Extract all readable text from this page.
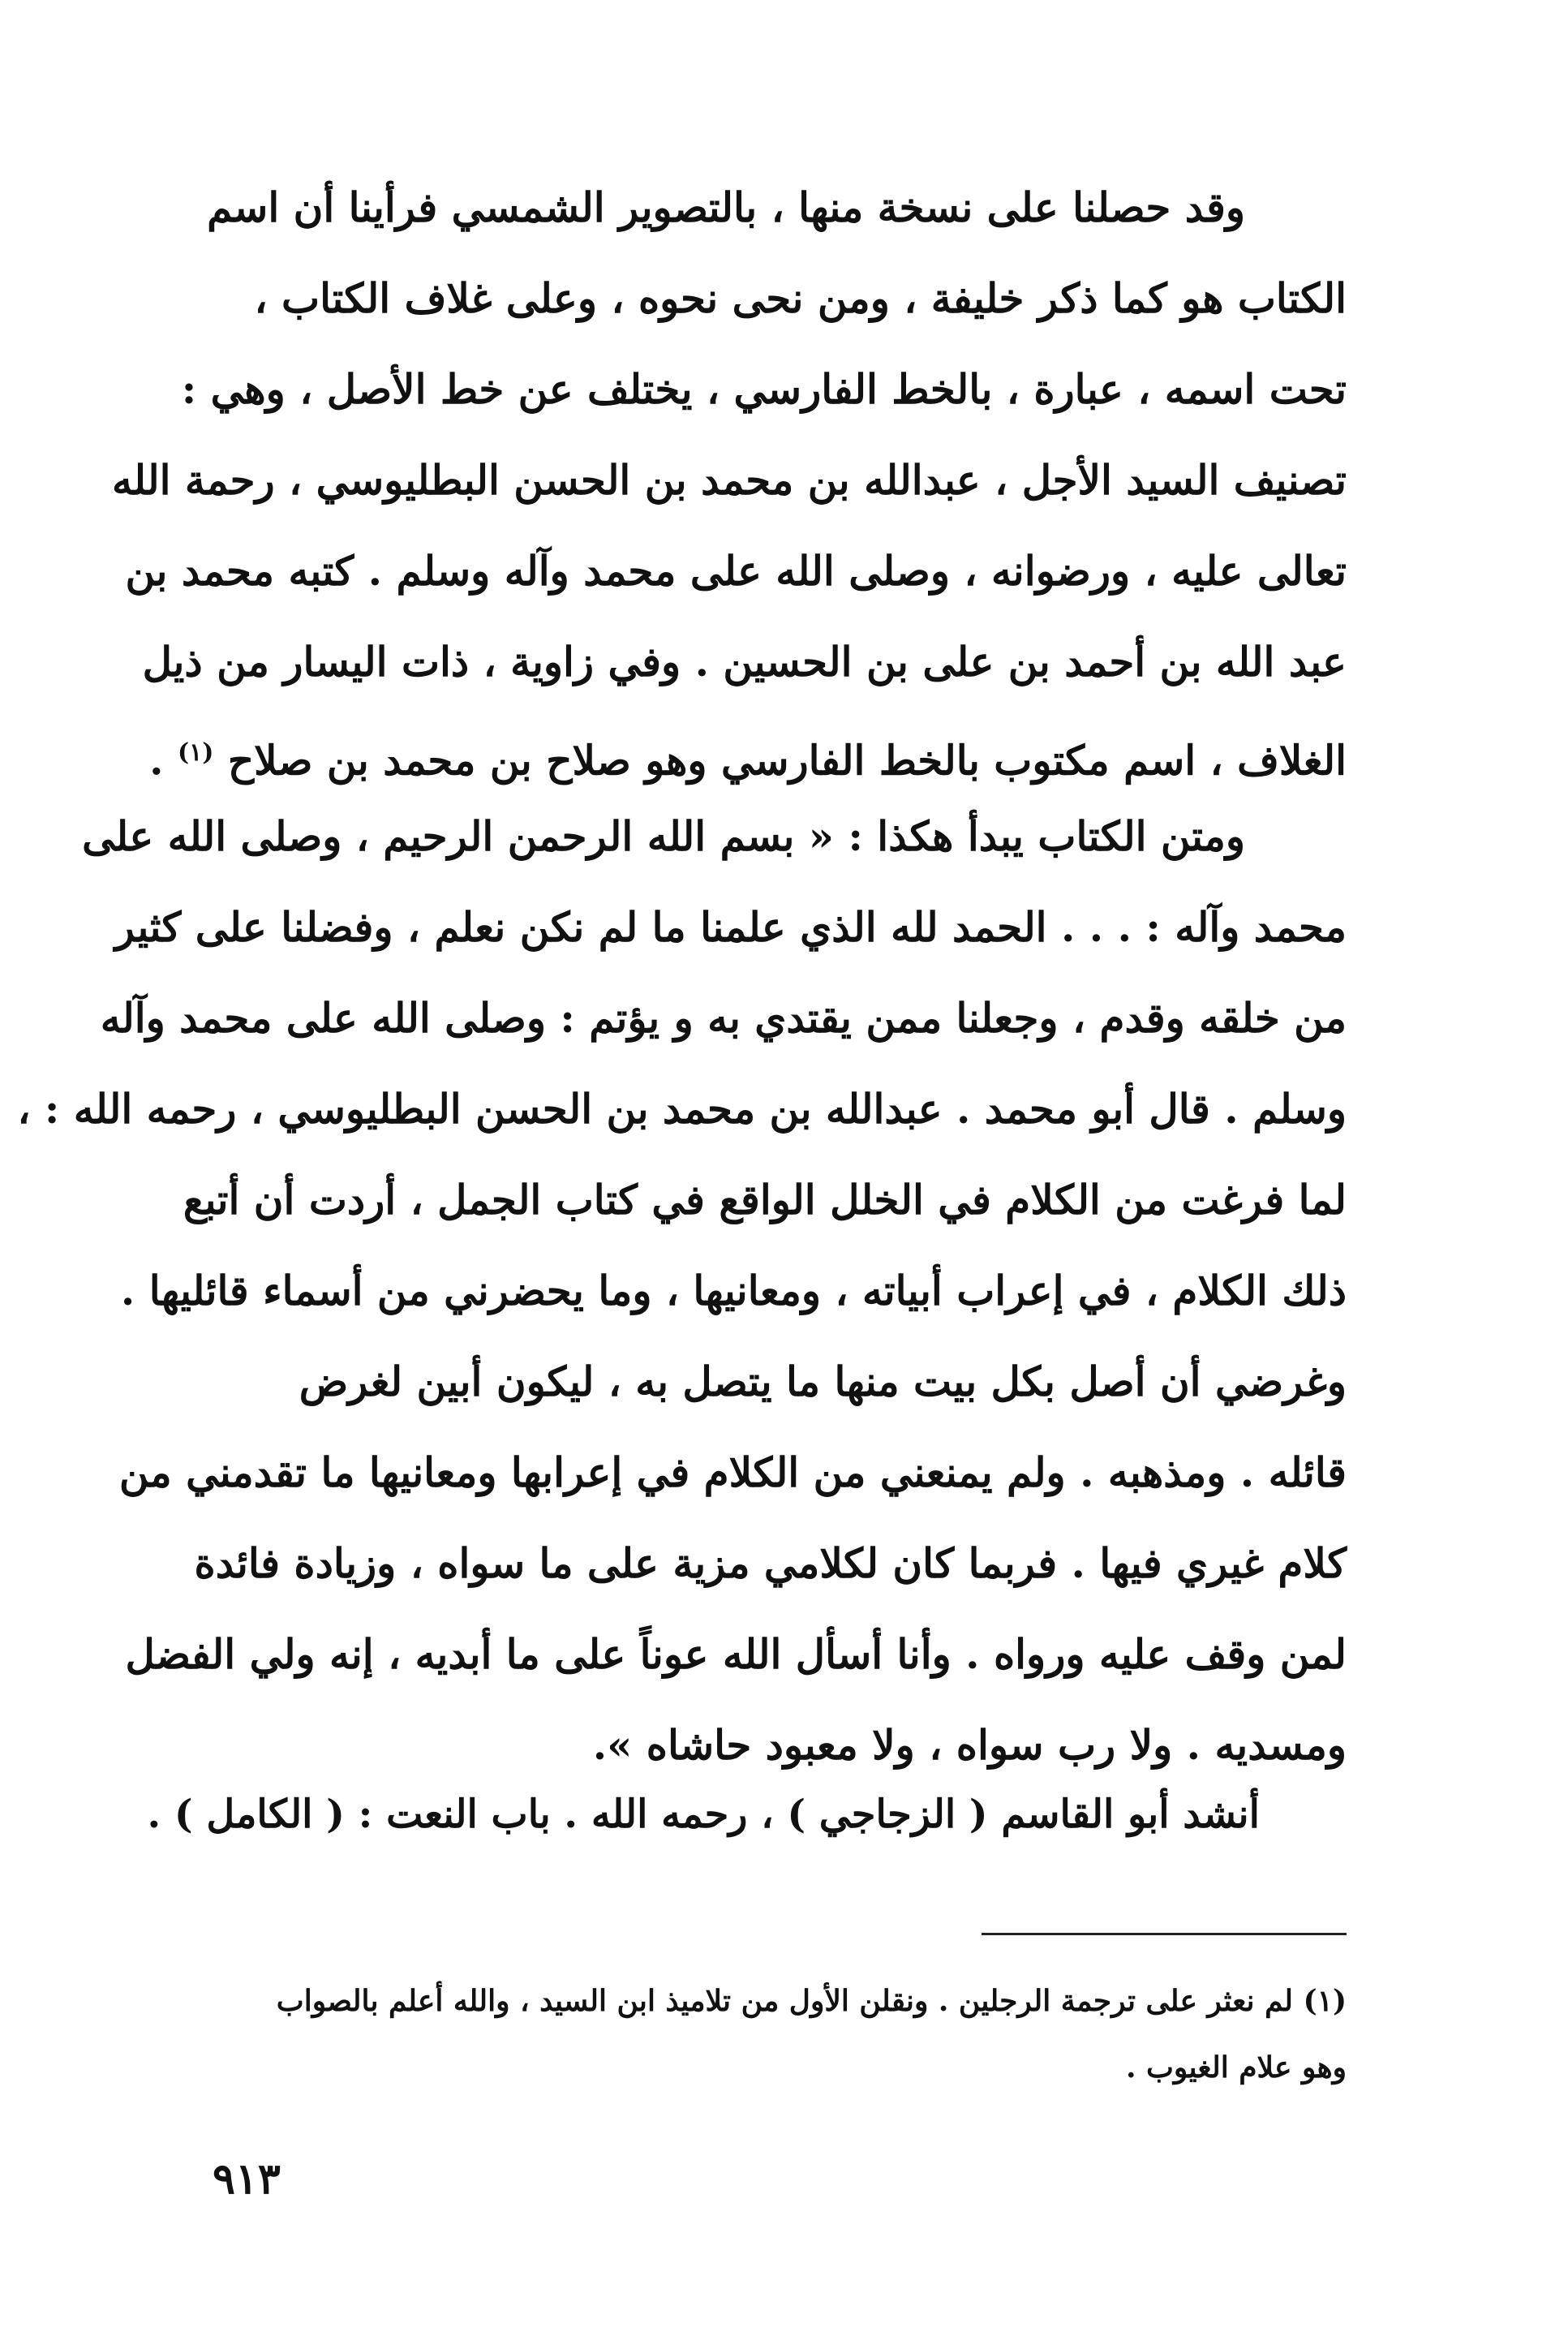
وقد حصلنا على نسخة منها ، بالتصوير الشمسي فرأينا أن اسم
الكتاب هو كما ذكر خليفة ، ومن نحى نحوه ، وعلى غلاف الكتاب ،
تحت اسمه ، عبارة ، بالخط الفارسي ، يختلف عن خط الأصل ، وهي :
تصنيف السيد الأجل ، عبدالله بن محمد بن الحسن البطليوسي ، رحمة الله
تعالى عليه ، ورضوانه ، وصلى الله على محمد وآله وسلم . كتبه محمد بن
عبد الله بن أحمد بن على بن الحسين . وفي زاوية ، ذات اليسار من ذيل
الغلاف ، اسم مكتوب بالخط الفارسي وهو صلاح بن محمد بن صلاح $^{(١)}$ .
ومتن الكتاب يبدأ هكذا : « بسم الله الرحمن الرحيم ، وصلى الله على
محمد وآله : . . . الحمد لله الذي علمنا ما لم نكن نعلم ، وفضلنا على كثير
من خلقه وقدم ، وجعلنا ممن يقتدي به و يؤتم : وصلى الله على محمد وآله
وسلم . قال أبو محمد . عبدالله بن محمد بن الحسن البطليوسي ، رحمه الله : ،
لما فرغت من الكلام في الخلل الواقع في كتاب الجمل ، أردت أن أتبع
ذلك الكلام ، في إعراب أبياته ، ومعانيها ، وما يحضرني من أسماء قائليها .
وغرضي أن أصل بكل بيت منها ما يتصل به ، ليكون أبين لغرض
قائله . ومذهبه . ولم يمنعني من الكلام في إعرابها ومعانيها ما تقدمني من
كلام غيري فيها . فربما كان لكلامي مزية على ما سواه ، وزيادة فائدة
لمن وقف عليه ورواه . وأنا أسأل الله عوناً على ما أبديه ، إنه ولي الفضل
ومسديه . ولا رب سواه ، ولا معبود حاشاه ».
أنشد أبو القاسم ( الزجاجي ) ، رحمه الله . باب النعت : ( الكامل ) .
(١) لم نعثر على ترجمة الرجلين . ونقلن الأول من تلاميذ ابن السيد ، والله أعلم بالصواب
وهو علام الغيوب .
٩١٣
